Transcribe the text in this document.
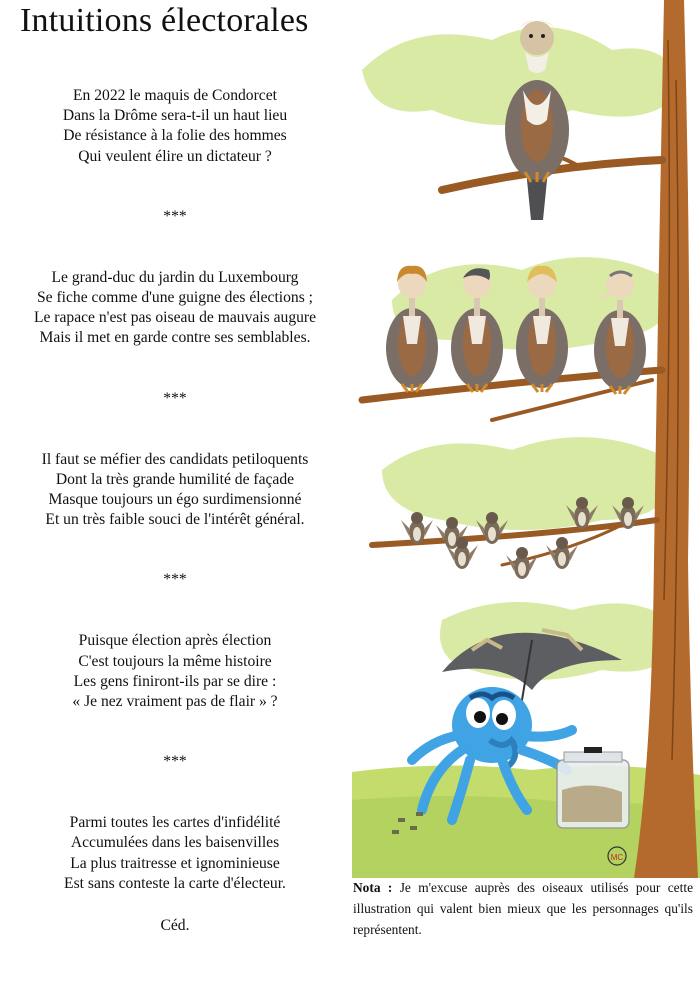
Intuitions électorales

En 2022 le maquis de Condorcet

Dans la Drôme sera-t-il un haut lieu

De résistance à la folie des hommes

Qui veulent élire un dictateur ?

***

Le grand-duc du jardin du Luxembourg

Se fiche comme d'une guigne des élections ;

Le rapace n'est pas oiseau de mauvais augure

Mais il met en garde contre ses semblables.

***

Il faut se méfier des candidats petiloquents

Dont la très grande humilité de façade

Masque toujours un égo surdimensionné

Et un très faible souci de l'intérêt général.

***

Puisque élection après élection

C'est toujours la même histoire

Les gens finiront-ils par se dire :

« Je nez vraiment pas de flair » ?

***

Parmi toutes les cartes d'infidélité

Accumulées dans les baisenvilles

La plus traitresse et ignominieuse

Est sans conteste la carte d'électeur.

Céd.

MC
Nota : Je m'excuse auprès des oiseaux utilisés pour cette illustration qui valent bien mieux que les personnages qu'ils représentent.
